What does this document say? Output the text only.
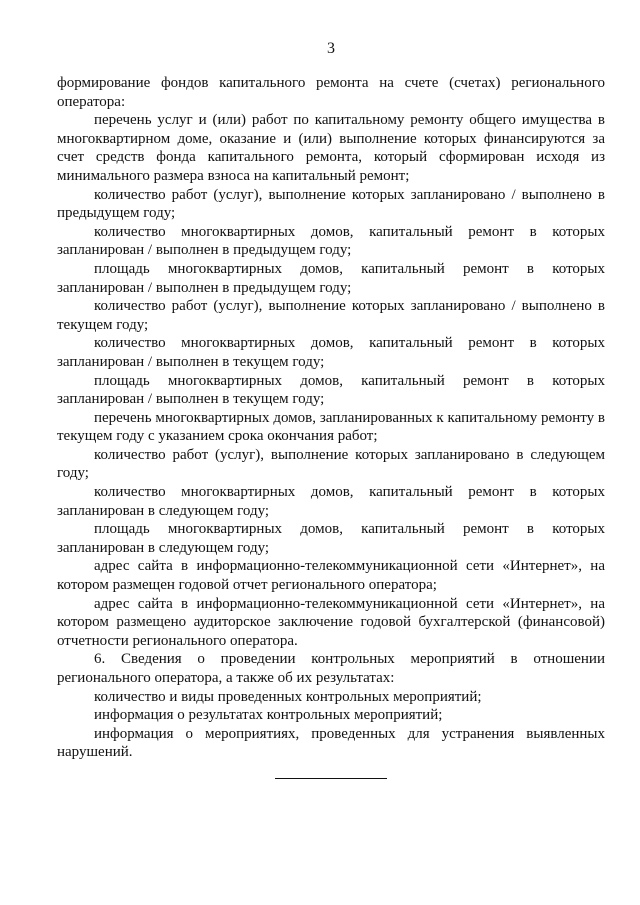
3

формирование фондов капитального ремонта на счете (счетах) регионального оператора:

перечень услуг и (или) работ по капитальному ремонту общего имущества в многоквартирном доме, оказание и (или) выполнение которых финансируются за счет средств фонда капитального ремонта, который сформирован исходя из минимального размера взноса на капитальный ремонт;

количество работ (услуг), выполнение которых запланировано / выполнено в предыдущем году;

количество многоквартирных домов, капитальный ремонт в которых запланирован / выполнен в предыдущем году;

площадь многоквартирных домов, капитальный ремонт в которых запланирован / выполнен в предыдущем году;

количество работ (услуг), выполнение которых запланировано / выполнено в текущем году;

количество многоквартирных домов, капитальный ремонт в которых запланирован / выполнен в текущем году;

площадь многоквартирных домов, капитальный ремонт в которых запланирован / выполнен в текущем году;

перечень многоквартирных домов, запланированных к капитальному ремонту в текущем году с указанием срока окончания работ;

количество работ (услуг), выполнение которых запланировано в следующем году;

количество многоквартирных домов, капитальный ремонт в которых запланирован в следующем году;

площадь многоквартирных домов, капитальный ремонт в которых запланирован в следующем году;

адрес сайта в информационно-телекоммуникационной сети «Интернет», на котором размещен годовой отчет регионального оператора;

адрес сайта в информационно-телекоммуникационной сети «Интернет», на котором размещено аудиторское заключение годовой бухгалтерской (финансовой) отчетности регионального оператора.

6. Сведения о проведении контрольных мероприятий в отношении регионального оператора, а также об их результатах:

количество и виды проведенных контрольных мероприятий;

информация о результатах контрольных мероприятий;

информация о мероприятиях, проведенных для устранения выявленных нарушений.
